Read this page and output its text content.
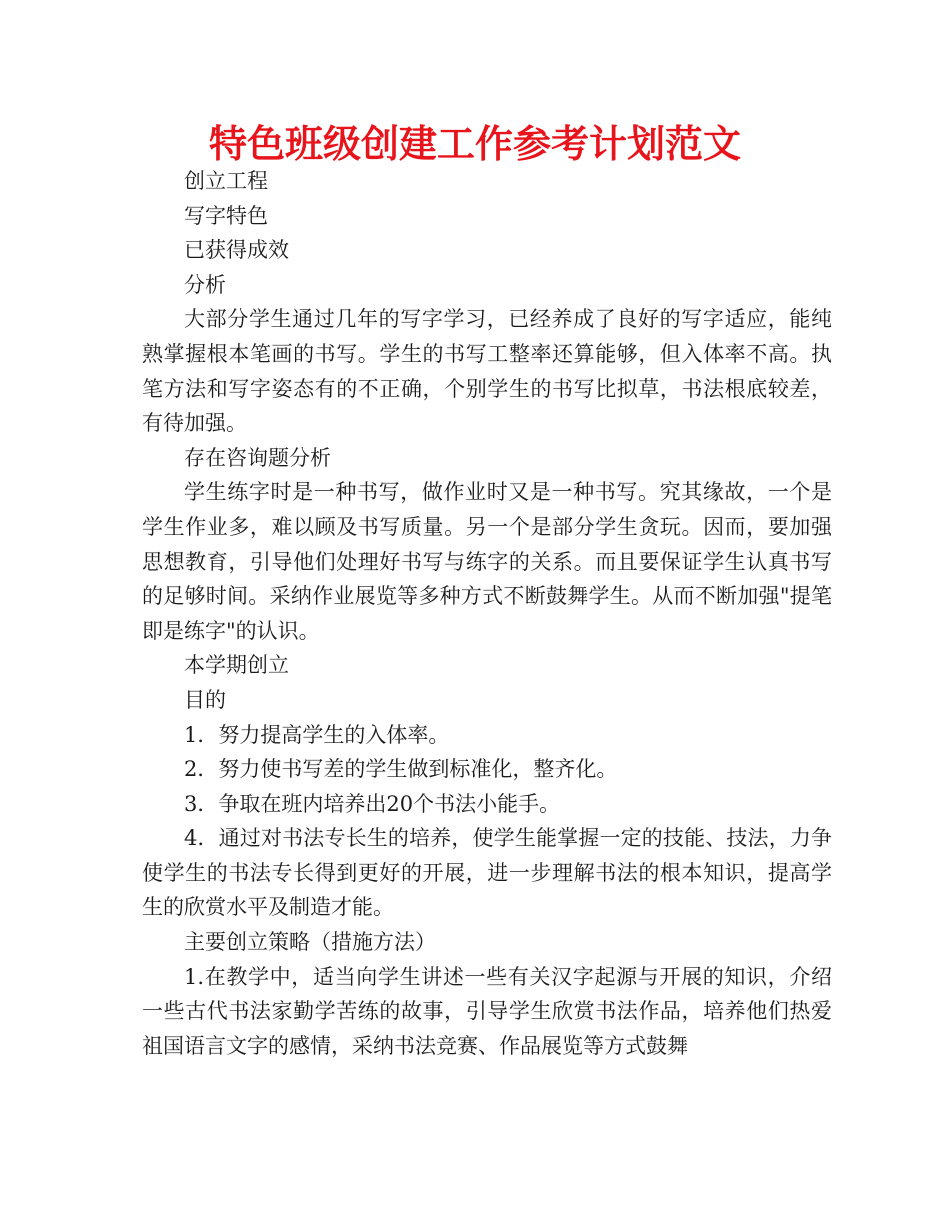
特色班级创建工作参考计划范文

创立工程

写字特色

已获得成效

分析

大部分学生通过几年的写字学习，已经养成了良好的写字适应，能纯熟掌握根本笔画的书写。学生的书写工整率还算能够，但入体率不高。执笔方法和写字姿态有的不正确，个别学生的书写比拟草，书法根底较差，有待加强。

存在咨询题分析

学生练字时是一种书写，做作业时又是一种书写。究其缘故，一个是学生作业多，难以顾及书写质量。另一个是部分学生贪玩。因而，要加强思想教育，引导他们处理好书写与练字的关系。而且要保证学生认真书写的足够时间。采纳作业展览等多种方式不断鼓舞学生。从而不断加强"提笔即是练字"的认识。

本学期创立

目的

1．努力提高学生的入体率。

2．努力使书写差的学生做到标准化，整齐化。

3．争取在班内培养出20个书法小能手。

4．通过对书法专长生的培养，使学生能掌握一定的技能、技法，力争使学生的书法专长得到更好的开展，进一步理解书法的根本知识，提高学生的欣赏水平及制造才能。

主要创立策略（措施方法）

1.在教学中，适当向学生讲述一些有关汉字起源与开展的知识，介绍一些古代书法家勤学苦练的故事，引导学生欣赏书法作品，培养他们热爱祖国语言文字的感情，采纳书法竞赛、作品展览等方式鼓舞
